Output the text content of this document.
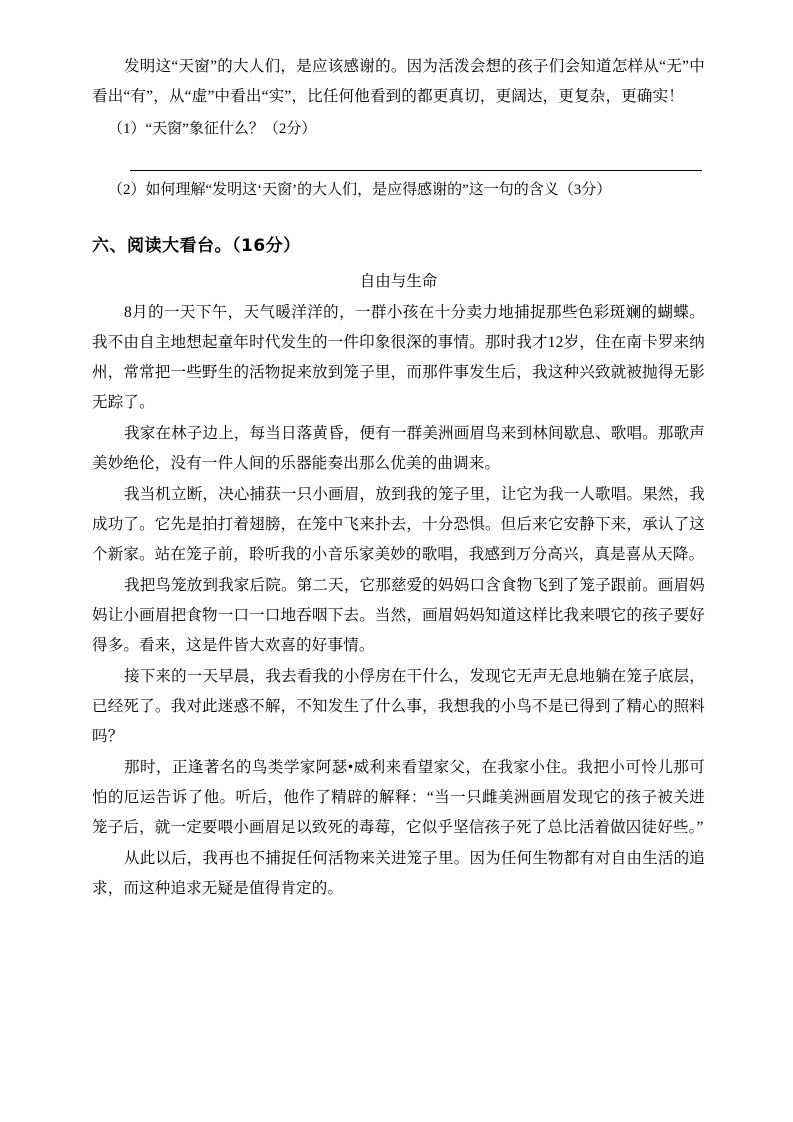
发明这“天窗”的大人们，是应该感谢的。因为活泼会想的孩子们会知道怎样从“无”中看出“有”，从“虚”中看出“实”，比任何他看到的都更真切，更阔达，更复杂，更确实！
（1）“天窗”象征什么？（2分）
（2）如何理解“发明这‘天窗’的大人们，是应得感谢的”这一句的含义（3分）
六、阅读大看台。（16分）
自由与生命
8月的一天下午，天气暖洋洋的，一群小孩在十分卖力地捕捉那些色彩斑斓的蝴蝶。我不由自主地想起童年时代发生的一件印象很深的事情。那时我才12岁，住在南卡罗来纳州，常常把一些野生的活物捉来放到笼子里，而那件事发生后，我这种兴致就被抛得无影无踪了。
我家在林子边上，每当日落黄昏，便有一群美洲画眉鸟来到林间歇息、歌唱。那歌声美妙绝伦，没有一件人间的乐器能奏出那么优美的曲调来。
我当机立断，决心捕获一只小画眉，放到我的笼子里，让它为我一人歌唱。果然，我成功了。它先是拍打着翅膀，在笼中飞来扑去，十分恐惧。但后来它安静下来，承认了这个新家。站在笼子前，聆听我的小音乐家美妙的歌唱，我感到万分高兴，真是喜从天降。
我把鸟笼放到我家后院。第二天，它那慈爱的妈妈口含食物飞到了笼子跟前。画眉妈妈让小画眉把食物一口一口地吞咽下去。当然，画眉妈妈知道这样比我来喂它的孩子要好得多。看来，这是件皆大欢喜的好事情。
接下来的一天早晨，我去看我的小俘房在干什么，发现它无声无息地躺在笼子底层，已经死了。我对此迷惑不解，不知发生了什么事，我想我的小鸟不是已得到了精心的照料吗？
那时，正逢著名的鸟类学家阿瑟•威利来看望家父，在我家小住。我把小可怜儿那可怕的厄运告诉了他。听后，他作了精辟的解释：“当一只雌美洲画眉发现它的孩子被关进笼子后，就一定要喂小画眉足以致死的毒莓，它似乎坚信孩子死了总比活着做囚徒好些。”
从此以后，我再也不捕捉任何活物来关进笼子里。因为任何生物都有对自由生活的追求，而这种追求无疑是值得肯定的。
